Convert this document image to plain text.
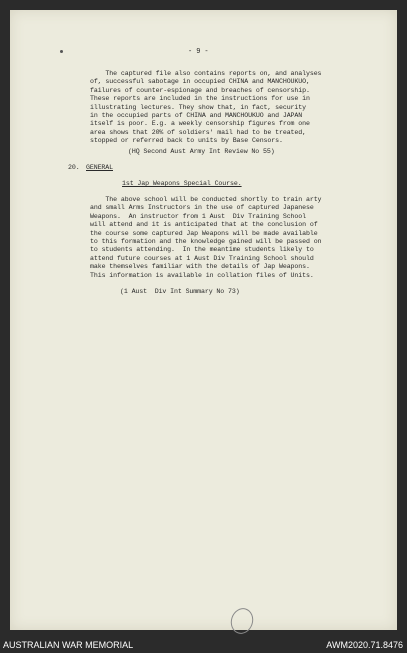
- 9 -
The captured file also contains reports on, and analyses
of, successful sabotage in occupied CHINA and MANCHOUKUO,
failures of counter-espionage and breaches of censorship.
These reports are included in the instructions for use in
illustrating lectures. They show that, in fact, security
in the occupied parts of CHINA and MANCHOUKUO and JAPAN
itself is poor. E.g. a weekly censorship figures from one
area shows that 20% of soldiers' mail had to be treated,
stopped or referred back to units by Base Censors.
(HQ Second Aust Army Int Review No 55)
20. GENERAL
1st Jap Weapons Special Course.
The above school will be conducted shortly to train arty
and small Arms Instructors in the use of captured Japanese
Weapons.  An instructor from 1 Aust  Div Training School
will attend and it is anticipated that at the conclusion of
the course some captured Jap Weapons will be made available
to this formation and the knowledge gained will be passed on
to students attending.  In the meantime students likely to
attend future courses at 1 Aust Div Training School should
make themselves familiar with the details of Jap Weapons.
This information is available in collation files of Units.
(1 Aust  Div Int Summary No 73)
AUSTRALIAN WAR MEMORIAL	AWM2020.71.8476
